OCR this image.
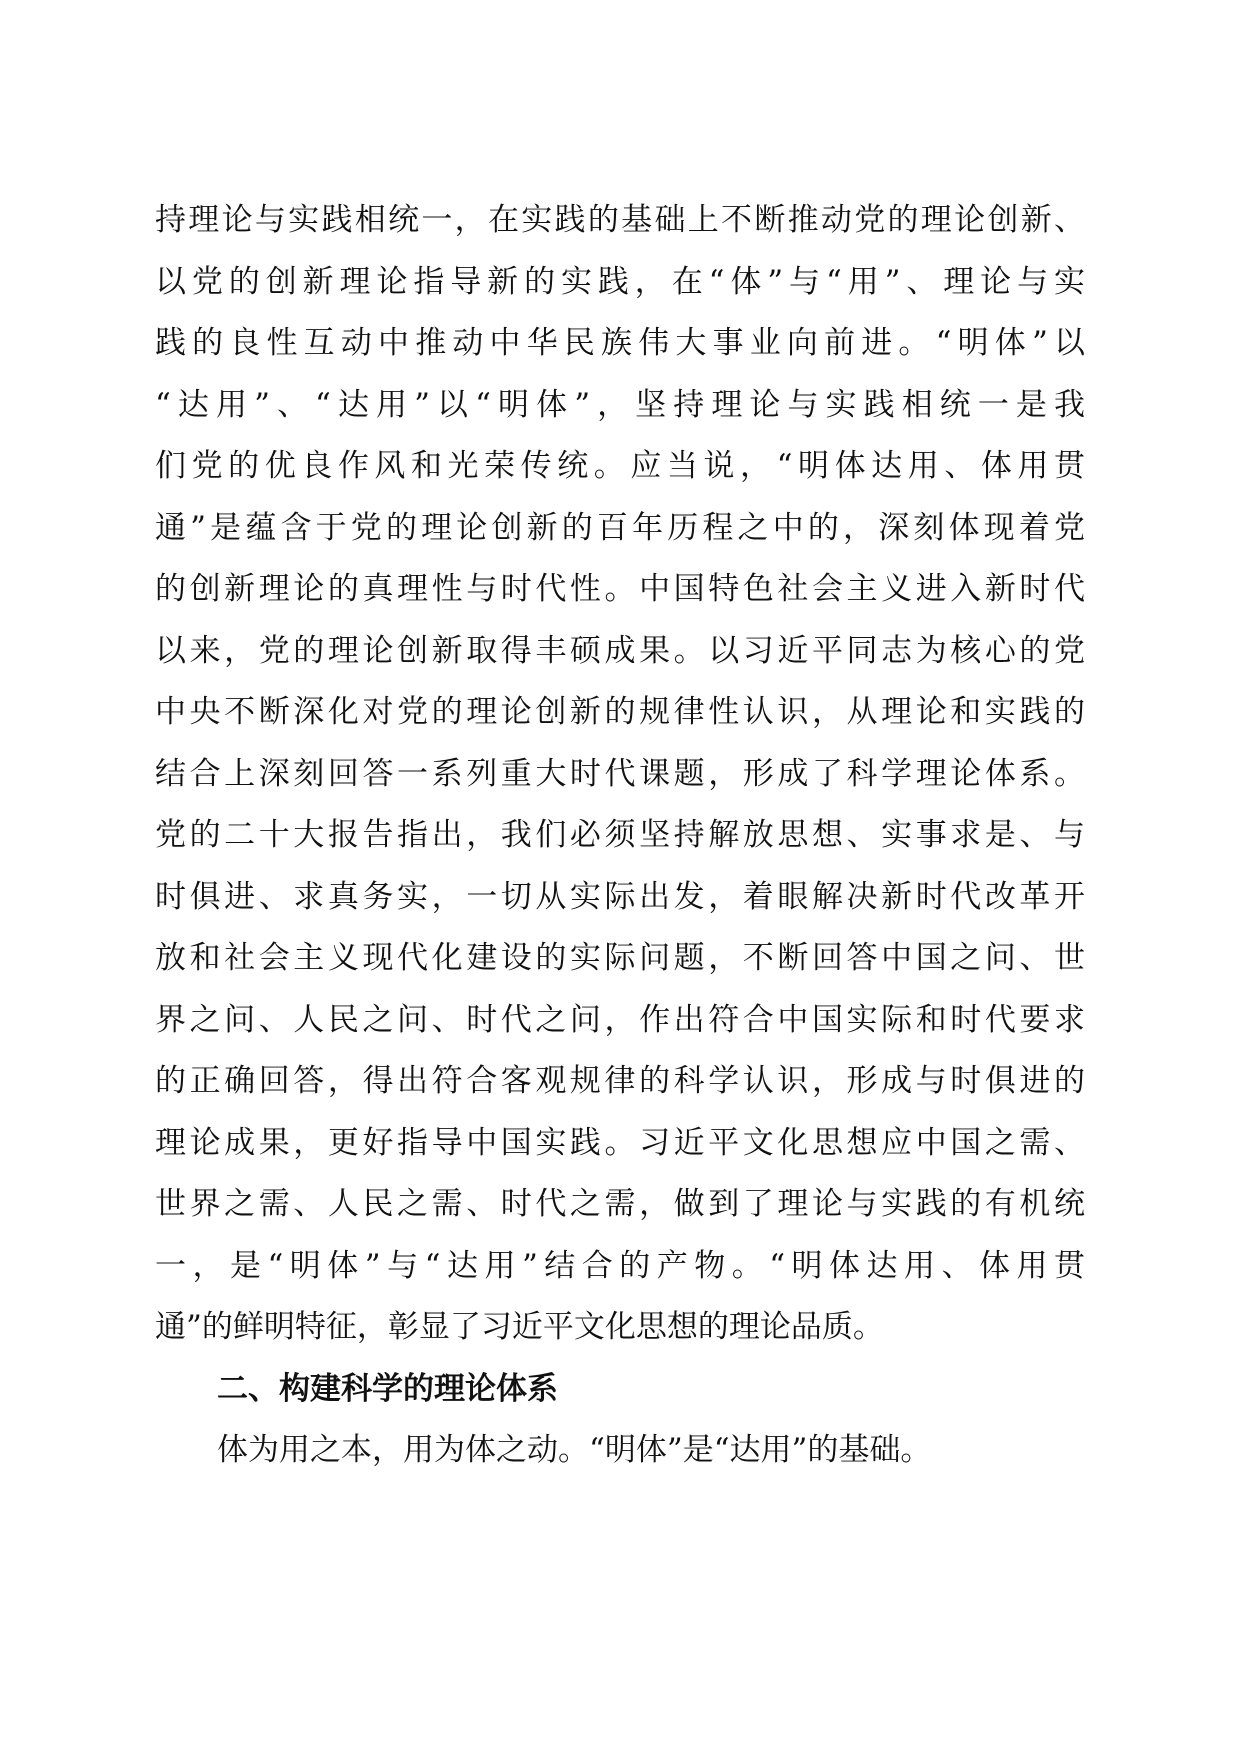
持理论与实践相统一，在实践的基础上不断推动党的理论创新、
以党的创新理论指导新的实践，在“体”与“用”、理论与实
践的良性互动中推动中华民族伟大事业向前进。“明体”以
“达用”、“达用”以“明体”，坚持理论与实践相统一是我
们党的优良作风和光荣传统。应当说，“明体达用、体用贯
通”是蕴含于党的理论创新的百年历程之中的，深刻体现着党
的创新理论的真理性与时代性。中国特色社会主义进入新时代
以来，党的理论创新取得丰硕成果。以习近平同志为核心的党
中央不断深化对党的理论创新的规律性认识，从理论和实践的
结合上深刻回答一系列重大时代课题，形成了科学理论体系。
党的二十大报告指出，我们必须坚持解放思想、实事求是、与
时俱进、求真务实，一切从实际出发，着眼解决新时代改革开
放和社会主义现代化建设的实际问题，不断回答中国之问、世
界之问、人民之问、时代之问，作出符合中国实际和时代要求
的正确回答，得出符合客观规律的科学认识，形成与时俱进的
理论成果，更好指导中国实践。习近平文化思想应中国之需、
世界之需、人民之需、时代之需，做到了理论与实践的有机统
一，是“明体”与“达用”结合的产物。“明体达用、体用贯
通”的鲜明特征，彰显了习近平文化思想的理论品质。
二、构建科学的理论体系
体为用之本，用为体之动。“明体”是“达用”的基础。
